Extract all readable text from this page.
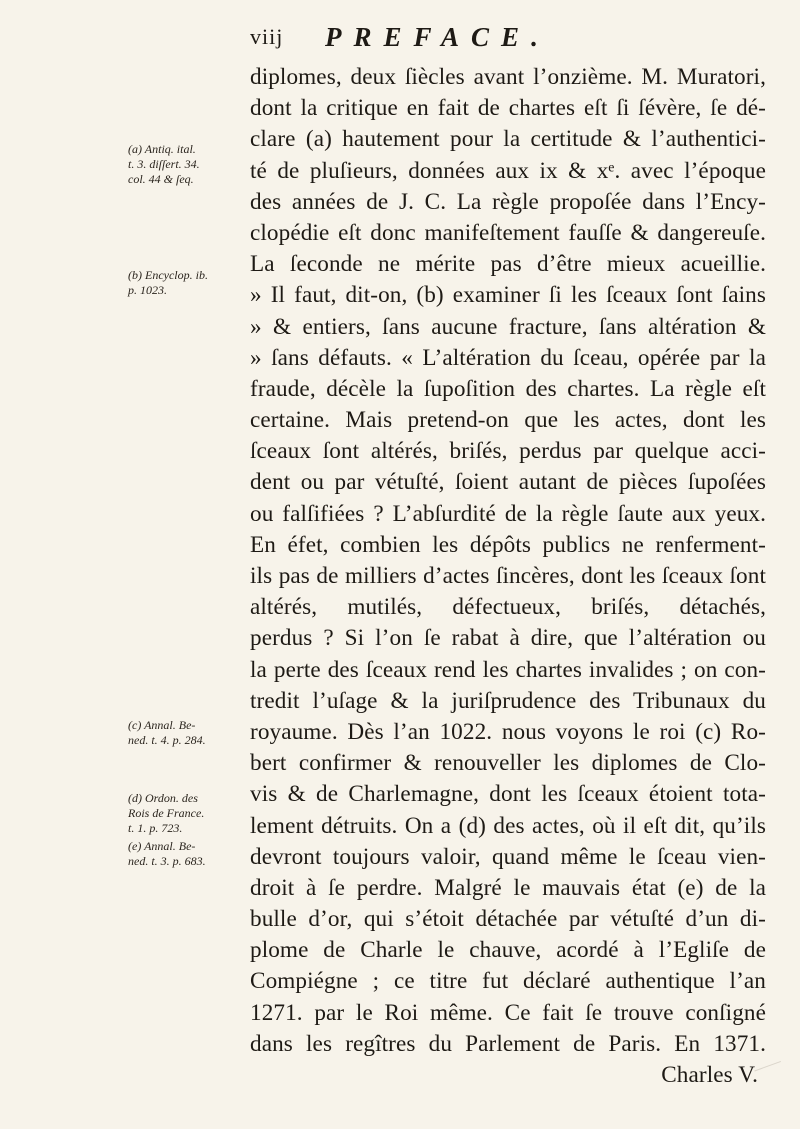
viij PREFACE.
diplomes, deux ſiècles avant l’onzième. M. Muratori,
dont la critique en fait de chartes eſt ſi ſévère, ſe dé-
clare (a) hautement pour la certitude & l’authentici-
té de pluſieurs, données aux ix & xᵉ. avec l’époque
des années de J. C. La règle propoſée dans l’Ency-
clopédie eſt donc manifeſtement fauſſe & dangereuſe.
La ſeconde ne mérite pas d’être mieux acueillie.
» Il faut, dit-on, (b) examiner ſi les ſceaux ſont ſains
» & entiers, ſans aucune fracture, ſans altération &
» ſans défauts. « L’altération du ſceau, opérée par la
fraude, décèle la ſupoſition des chartes. La règle eſt
certaine. Mais pretend-on que les actes, dont les
ſceaux ſont altérés, briſés, perdus par quelque acci-
dent ou par vétuſté, ſoient autant de pièces ſupoſées
ou falſifiées ? L’abſurdité de la règle ſaute aux yeux.
En éfet, combien les dépôts publics ne renferment-
ils pas de milliers d’actes ſincères, dont les ſceaux ſont
altérés, mutilés, défectueux, briſés, détachés,
perdus ? Si l’on ſe rabat à dire, que l’altération ou
la perte des ſceaux rend les chartes invalides ; on con-
tredit l’uſage & la juriſprudence des Tribunaux du
royaume. Dès l’an 1022. nous voyons le roi (c) Ro-
bert confirmer & renouveller les diplomes de Clo-
vis & de Charlemagne, dont les ſceaux étoient tota-
lement détruits. On a (d) des actes, où il eſt dit, qu’ils
devront toujours valoir, quand même le ſceau vien-
droit à ſe perdre. Malgré le mauvais état (e) de la
bulle d’or, qui s’étoit détachée par vétuſté d’un di-
plome de Charle le chauve, acordé à l’Egliſe de
Compiégne ; ce titre fut déclaré authentique l’an
1271. par le Roi même. Ce fait ſe trouve conſigné
dans les regîtres du Parlement de Paris. En 1371.
Charles V.
(a) Antiq. ital.
t. 3. diſſert. 34.
col. 44 & ſeq.
(b) Encyclop. ib.
p. 1023.
(c) Annal. Be-
ned. t. 4. p. 284.
(d) Ordon. des
Rois de France.
t. 1. p. 723.
(e) Annal. Be-
ned. t. 3. p. 683.
